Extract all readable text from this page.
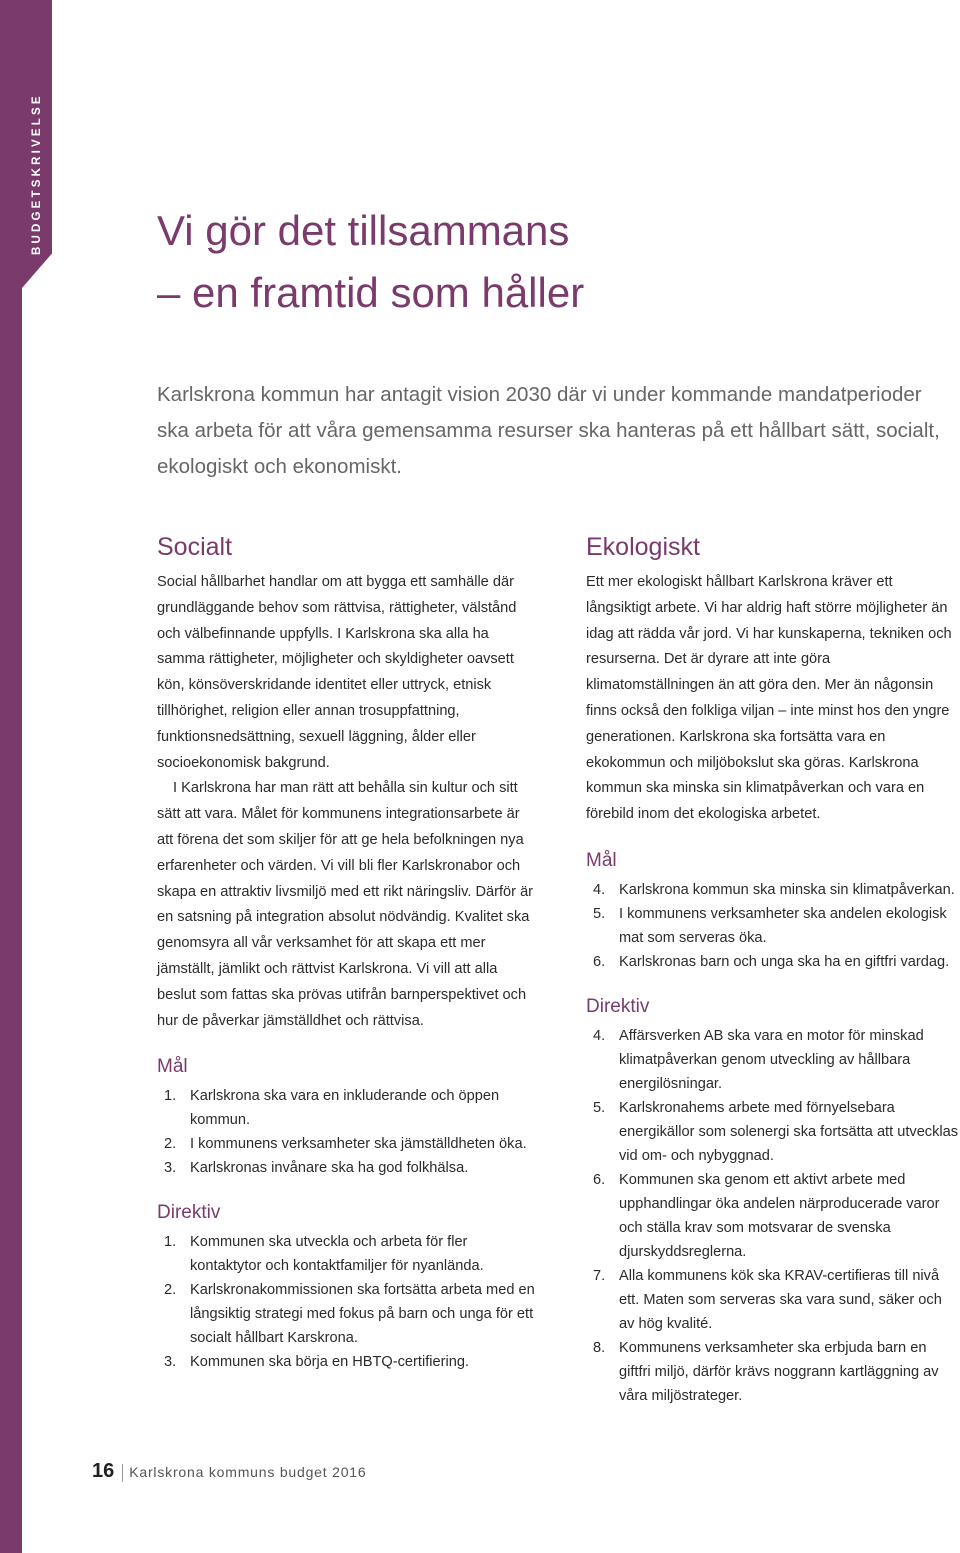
BUDGETSKRIVELSE	Vi gör det tillsammans
– en framtid som håller

Karlskrona kommun har antagit vision 2030 där vi under kommande mandatperioder ska arbeta för att våra gemensamma resurser ska hanteras på ett hållbart sätt, socialt, ekologiskt och ekonomiskt.

Socialt

Social hållbarhet handlar om att bygga ett samhälle där grundläggande behov som rättvisa, rättigheter, välstånd och välbefinnande uppfylls. I Karlskrona ska alla ha samma rättigheter, möjligheter och skyldigheter oavsett kön, könsöverskridande identitet eller uttryck, etnisk tillhörighet, religion eller annan trosuppfattning, funktionsnedsättning, sexuell läggning, ålder eller socioekonomisk bakgrund.

I Karlskrona har man rätt att behålla sin kultur och sitt sätt att vara. Målet för kommunens integrationsarbete är att förena det som skiljer för att ge hela befolkningen nya erfarenheter och värden. Vi vill bli fler Karlskronabor och skapa en attraktiv livsmiljö med ett rikt näringsliv. Därför är en satsning på integration absolut nödvändig. Kvalitet ska genomsyra all vår verksamhet för att skapa ett mer jämställt, jämlikt och rättvist Karlskrona. Vi vill att alla beslut som fattas ska prövas utifrån barnperspektivet och hur de påverkar jämställdhet och rättvisa.

Mål
1. Karlskrona ska vara en inkluderande och öppen kommun.
2. I kommunens verksamheter ska jämställdheten öka.
3. Karlskronas invånare ska ha god folkhälsa.
Direktiv
1. Kommunen ska utveckla och arbeta för fler kontaktytor och kontaktfamiljer för nyanlända.
2. Karlskronakommissionen ska fortsätta arbeta med en långsiktig strategi med fokus på barn och unga för ett socialt hållbart Karskrona.
3. Kommunen ska börja en HBTQ-certifiering.
Ekologiskt

Ett mer ekologiskt hållbart Karlskrona kräver ett långsiktigt arbete. Vi har aldrig haft större möjligheter än idag att rädda vår jord. Vi har kunskaperna, tekniken och resurserna. Det är dyrare att inte göra klimatomställningen än att göra den. Mer än någonsin finns också den folkliga viljan – inte minst hos den yngre generationen. Karlskrona ska fortsätta vara en ekokommun och miljöbokslut ska göras. Karlskrona kommun ska minska sin klimatpåverkan och vara en förebild inom det ekologiska arbetet.

Mål
4. Karlskrona kommun ska minska sin klimatpåverkan.
5. I kommunens verksamheter ska andelen ekologisk mat som serveras öka.
6. Karlskronas barn och unga ska ha en giftfri vardag.
Direktiv
4. Affärsverken AB ska vara en motor för minskad klimatpåverkan genom utveckling av hållbara energilösningar.
5. Karlskronahems arbete med förnyelsebara energikällor som solenergi ska fortsätta att utvecklas vid om- och nybyggnad.
6. Kommunen ska genom ett aktivt arbete med upphandlingar öka andelen närproducerade varor och ställa krav som motsvarar de svenska djurskyddsreglerna.
7. Alla kommunens kök ska KRAV-certifieras till nivå ett. Maten som serveras ska vara sund, säker och av hög kvalité.
8. Kommunens verksamheter ska erbjuda barn en giftfri miljö, därför krävs noggrann kartläggning av våra miljöstrateger.
16 Karlskrona kommuns budget 2016
